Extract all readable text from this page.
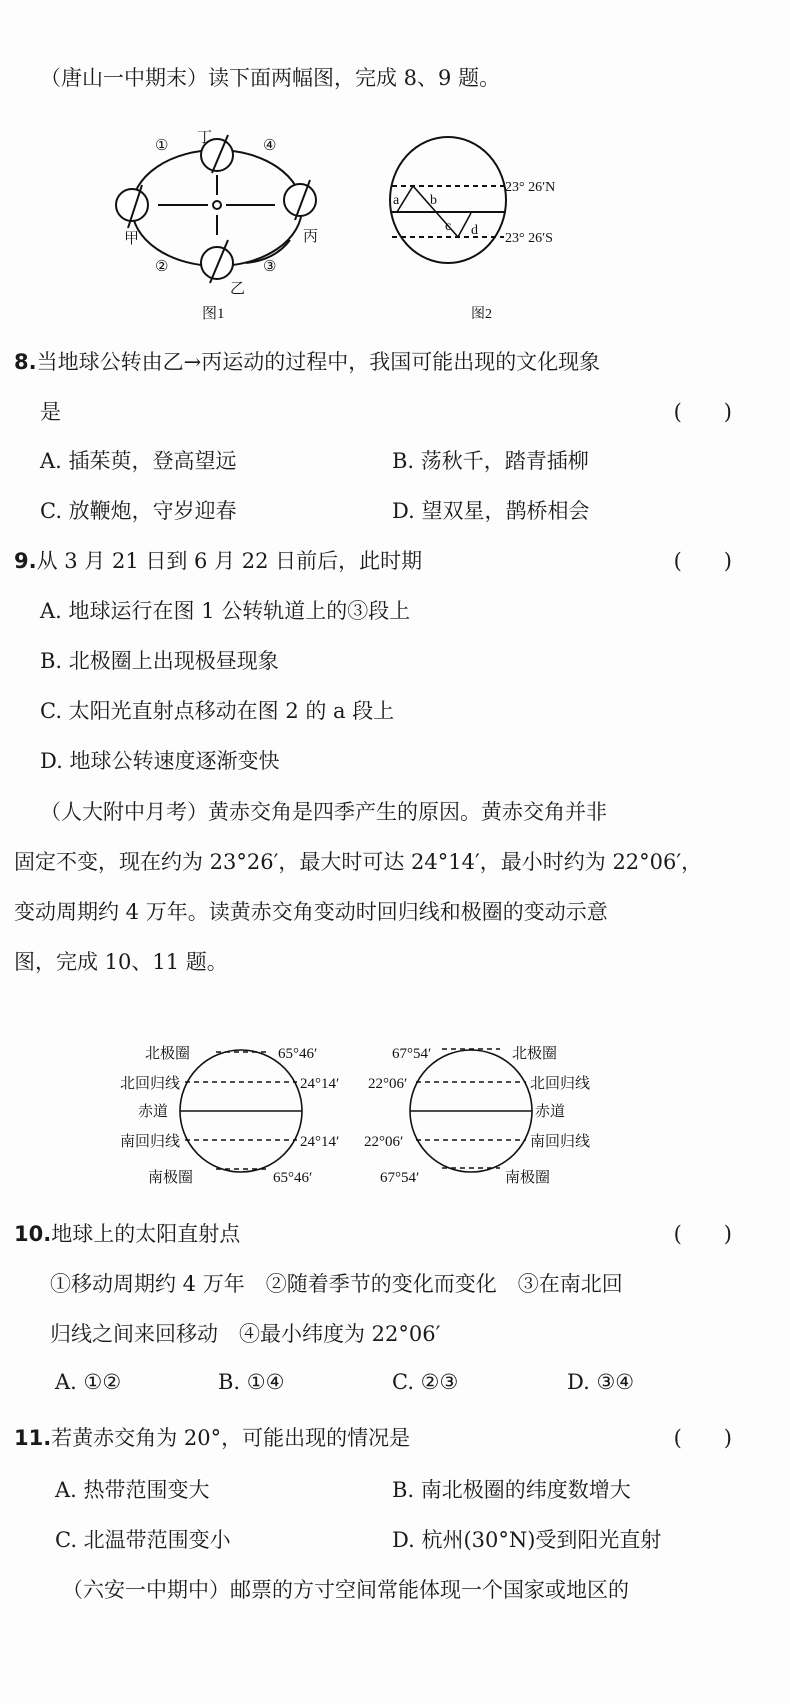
（唐山一中期末）读下面两幅图，完成 8、9 题。
丁
甲	丙
乙
①
②	③
④
图1
a b
c d
23° 26′N
23° 26′S
图2
8.当地球公转由乙→丙运动的过程中，我国可能出现的文化现象
是	(　　)
A. 插茱萸，登高望远	B. 荡秋千，踏青插柳
C. 放鞭炮，守岁迎春	D. 望双星，鹊桥相会
9.从 3 月 21 日到 6 月 22 日前后，此时期	(　　)
A. 地球运行在图 1 公转轨道上的③段上
B. 北极圈上出现极昼现象
C. 太阳光直射点移动在图 2 的 a 段上
D. 地球公转速度逐渐变快
（人大附中月考）黄赤交角是四季产生的原因。黄赤交角并非
固定不变，现在约为 23°26′，最大时可达 24°14′，最小时约为 22°06′，
变动周期约 4 万年。读黄赤交角变动时回归线和极圈的变动示意
图，完成 10、11 题。
北极圈
北回归线
赤道
南回归线
南极圈
65°46′
24°14′
24°14′
65°46′
67°54′
22°06′
22°06′
67°54′
北极圈
北回归线
赤道
南回归线
南极圈
10.地球上的太阳直射点	(　　)
①移动周期约 4 万年　②随着季节的变化而变化　③在南北回
归线之间来回移动　④最小纬度为 22°06′
A. ①②	B. ①④	C. ②③	D. ③④
11.若黄赤交角为 20°，可能出现的情况是	(　　)
A. 热带范围变大	B. 南北极圈的纬度数增大
C. 北温带范围变小	D. 杭州(30°N)受到阳光直射
（六安一中期中）邮票的方寸空间常能体现一个国家或地区的
